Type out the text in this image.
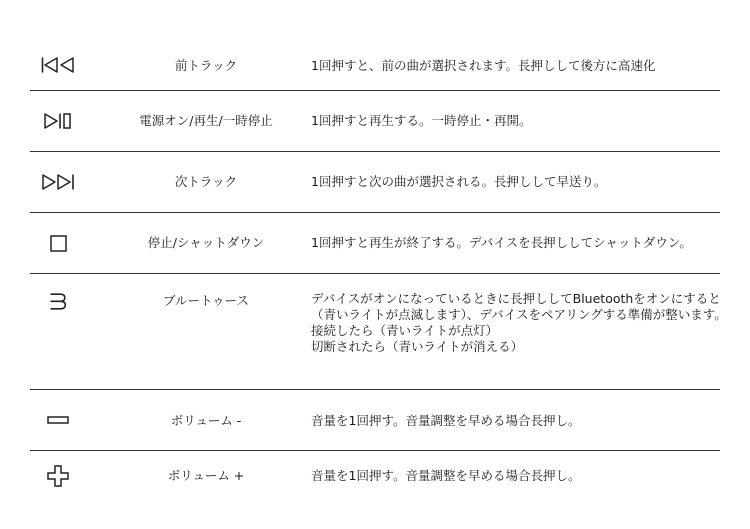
前トラック	1回押すと、前の曲が選択されます。長押しして後方に高速化
電源オン/再生/一時停止	1回押すと再生する。一時停止・再開。
次トラック	1回押すと次の曲が選択される。長押しして早送り。
停止/シャットダウン	1回押すと再生が終了する。デバイスを長押ししてシャットダウン。
ブルートゥース	デバイスがオンになっているときに長押ししてBluetoothをオンにすると
（青いライトが点滅します）、デバイスをペアリングする準備が整います。
接続したら（青いライトが点灯）
切断されたら（青いライトが消える）
ボリューム -	音量を1回押す。音量調整を早める場合長押し。
ボリューム +	音量を1回押す。音量調整を早める場合長押し。
